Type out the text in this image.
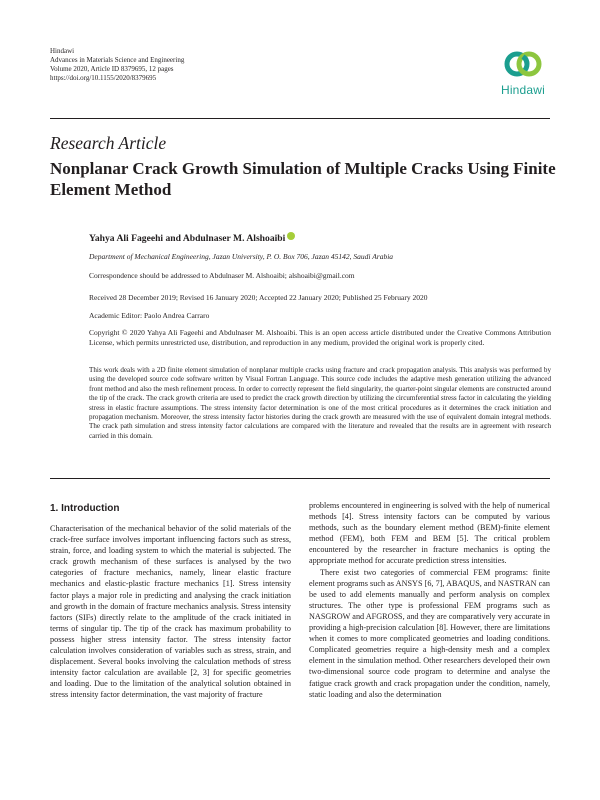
Hindawi
Advances in Materials Science and Engineering
Volume 2020, Article ID 8379695, 12 pages
https://doi.org/10.1155/2020/8379695
Hindawi
Research Article
Nonplanar Crack Growth Simulation of Multiple Cracks Using Finite Element Method
Yahya Ali Fageehi and Abdulnaser M. Alshoaibi
Department of Mechanical Engineering, Jazan University, P. O. Box 706, Jazan 45142, Saudi Arabia
Correspondence should be addressed to Abdulnaser M. Alshoaibi; alshoaibi@gmail.com
Received 28 December 2019; Revised 16 January 2020; Accepted 22 January 2020; Published 25 February 2020
Academic Editor: Paolo Andrea Carraro
Copyright © 2020 Yahya Ali Fageehi and Abdulnaser M. Alshoaibi. This is an open access article distributed under the Creative Commons Attribution License, which permits unrestricted use, distribution, and reproduction in any medium, provided the original work is properly cited.
This work deals with a 2D finite element simulation of nonplanar multiple cracks using fracture and crack propagation analysis. This analysis was performed by using the developed source code software written by Visual Fortran Language. This source code includes the adaptive mesh generation utilizing the advanced front method and also the mesh refinement process. In order to correctly represent the field singularity, the quarter-point singular elements are constructed around the tip of the crack. The crack growth criteria are used to predict the crack growth direction by utilizing the circumferential stress factor in calculating the yielding stress in elastic fracture assumptions. The stress intensity factor determination is one of the most critical procedures as it determines the crack initiation and propagation mechanism. Moreover, the stress intensity factor histories during the crack growth are measured with the use of equivalent domain integral methods. The crack path simulation and stress intensity factor calculations are compared with the literature and revealed that the results are in agreement with research carried in this domain.
1. Introduction

Characterisation of the mechanical behavior of the solid materials of the crack-free surface involves important influencing factors such as stress, strain, force, and loading system to which the material is subjected. The crack growth mechanism of these surfaces is analysed by the two categories of fracture mechanics, namely, linear elastic fracture mechanics and elastic-plastic fracture mechanics [1]. Stress intensity factor plays a major role in predicting and analysing the crack initiation and growth in the domain of fracture mechanics analysis. Stress intensity factors (SIFs) directly relate to the amplitude of the crack initiated in terms of singular tip. The tip of the crack has maximum probability to possess higher stress intensity factor. The stress intensity factor calculation involves consideration of variables such as stress, strain, and displacement. Several books involving the calculation methods of stress intensity factor calculation are available [2, 3] for specific geometries and loading. Due to the limitation of the analytical solution obtained in stress intensity factor determination, the vast majority of fracture

problems encountered in engineering is solved with the help of numerical methods [4]. Stress intensity factors can be computed by various methods, such as the boundary element method (BEM)-finite element method (FEM), both FEM and BEM [5]. The critical problem encountered by the researcher in fracture mechanics is opting the appropriate method for accurate prediction stress intensities.

There exist two categories of commercial FEM programs: finite element programs such as ANSYS [6, 7], ABAQUS, and NASTRAN can be used to add elements manually and perform analysis on complex structures. The other type is professional FEM programs such as NASGROW and AFGROSS, and they are comparatively very accurate in providing a high-precision calculation [8]. However, there are limitations when it comes to more complicated geometries and loading conditions. Complicated geometries require a high-density mesh and a complex element in the simulation method. Other researchers developed their own two-dimensional source code program to determine and analyse the fatigue crack growth and crack propagation under the condition, namely, static loading and also the determination
